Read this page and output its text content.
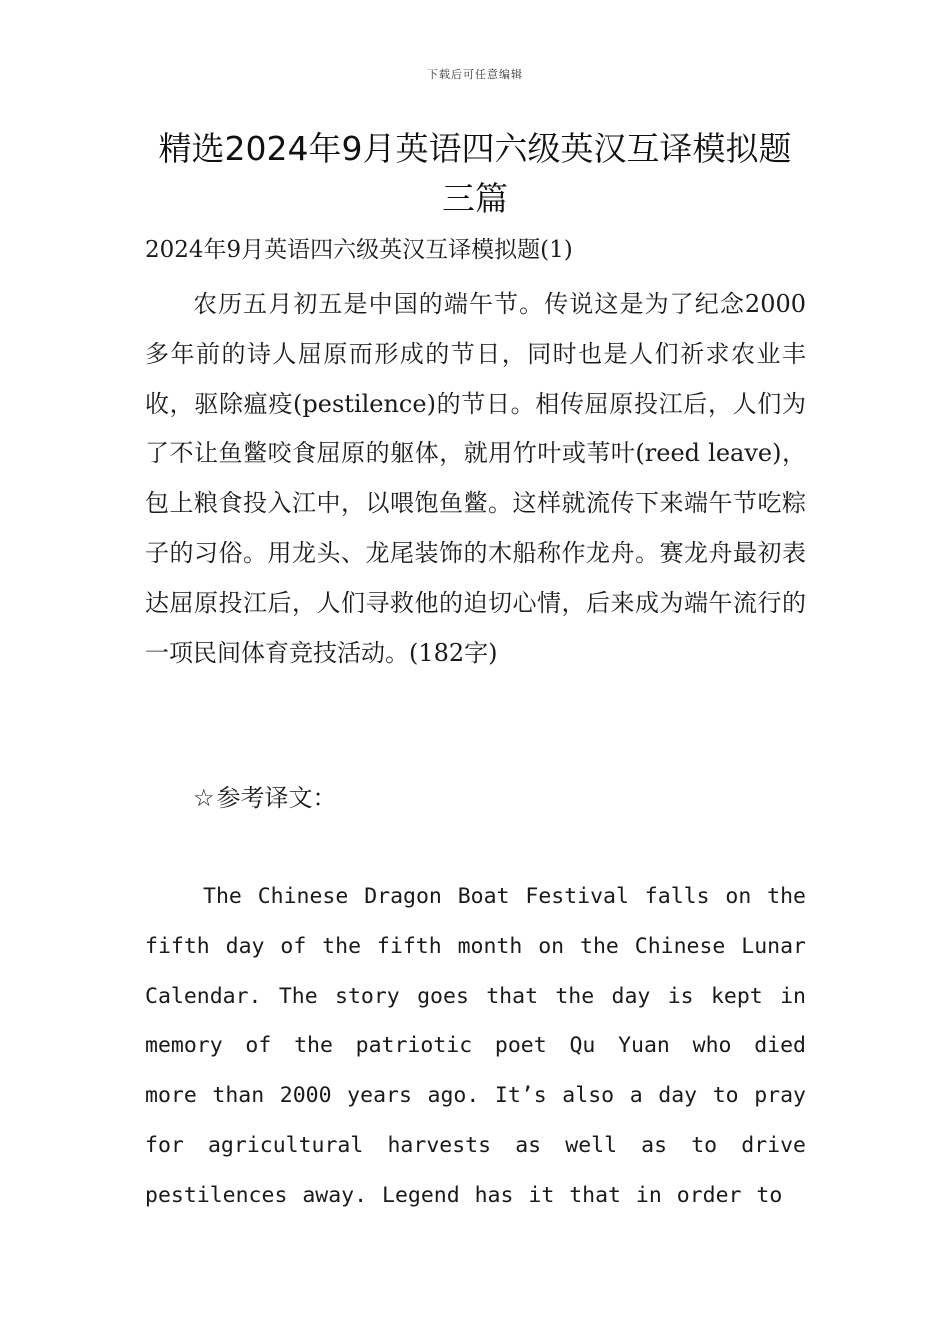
下载后可任意编辑
精选2024年9月英语四六级英汉互译模拟题三篇
2024年9月英语四六级英汉互译模拟题(1)

农历五月初五是中国的端午节。传说这是为了纪念2000多年前的诗人屈原而形成的节日，同时也是人们祈求农业丰收，驱除瘟疫(pestilence)的节日。相传屈原投江后，人们为了不让鱼鳖咬食屈原的躯体，就用竹叶或苇叶(reed leave)，包上粮食投入江中，以喂饱鱼鳖。这样就流传下来端午节吃粽子的习俗。用龙头、龙尾装饰的木船称作龙舟。赛龙舟最初表达屈原投江后，人们寻救他的迫切心情，后来成为端午流行的一项民间体育竞技活动。(182字)

☆参考译文：

The Chinese Dragon Boat Festival falls on the fifth day of the fifth month on the Chinese Lunar Calendar. The story goes that the day is kept in memory of the patriotic poet Qu Yuan who died more than 2000 years ago. It’s also a day to pray for agricultural harvests as well as to drive pestilences away. Legend has it that in order to
